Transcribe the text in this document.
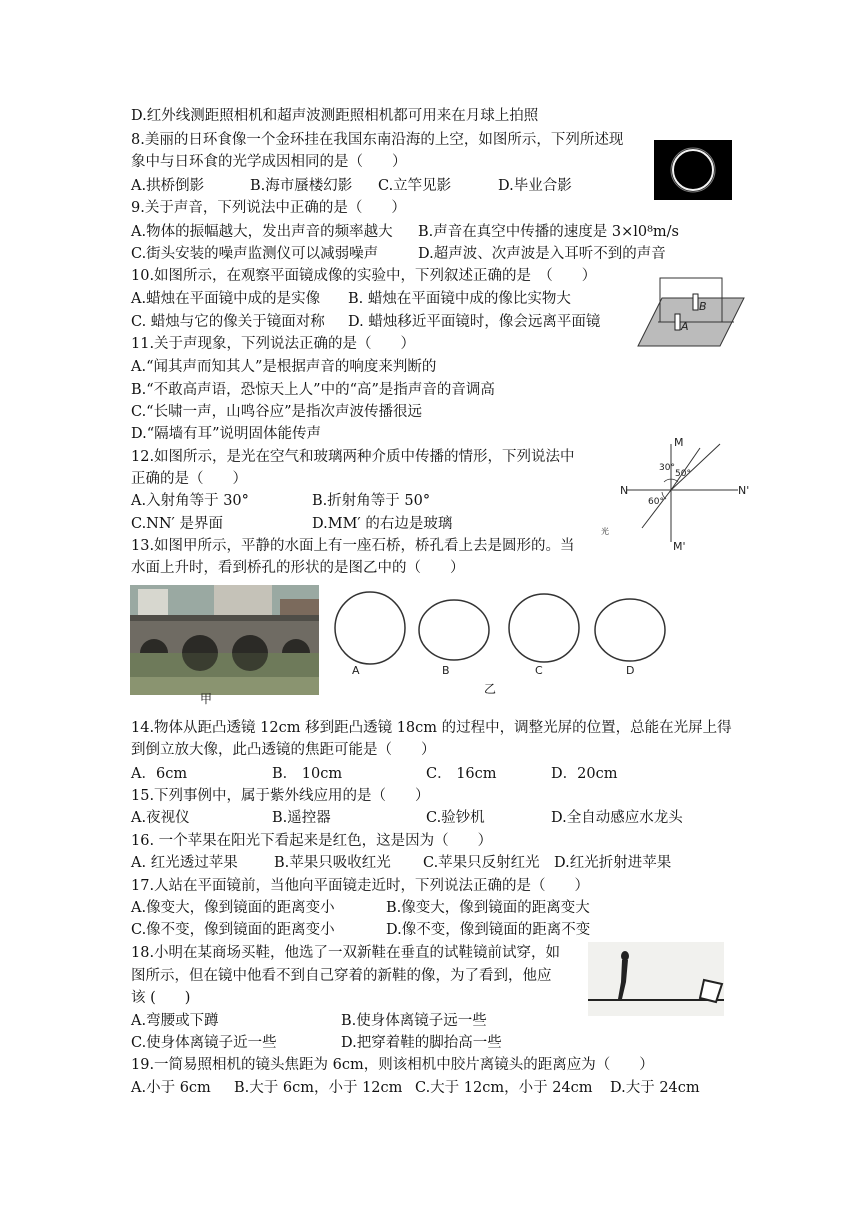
D.红外线测距照相机和超声波测距照相机都可用来在月球上拍照
8.美丽的日环食像一个金环挂在我国东南沿海的上空，如图所示，下列所述现
象中与日环食的光学成因相同的是（　　）
A.拱桥倒影	B.海市蜃楼幻影 C.立竿见影	D.毕业合影
9.关于声音，下列说法中正确的是（　　）
A.物体的振幅越大，发出声音的频率越大 B.声音在真空中传播的速度是 3×l0⁸m/s
C.街头安装的噪声监测仪可以减弱噪声	D.超声波、次声波是入耳听不到的声音
10.如图所示，在观察平面镜成像的实验中，下列叙述正确的是　（　　）
A.蜡烛在平面镜中成的是实像 B. 蜡烛在平面镜中成的像比实物大
C. 蜡烛与它的像关于镜面对称 D. 蜡烛移近平面镜时，像会远离平面镜
11.关于声现象，下列说法正确的是（　　）
A.“闻其声而知其人”是根据声音的响度来判断的
B.“不敢高声语，恐惊天上人”中的“高”是指声音的音调高
C.“长啸一声，山鸣谷应”是指次声波传播很远
D.“隔墙有耳”说明固体能传声
12.如图所示，是光在空气和玻璃两种介质中传播的情形，下列说法中
正确的是（　　）
A.入射角等于 30°	B.折射角等于 50°
C.NN′ 是界面	D.MM′ 的右边是玻璃
13.如图甲所示，平静的水面上有一座石桥，桥孔看上去是圆形的。当
水面上升时，看到桥孔的形状的是图乙中的（　　）
14.物体从距凸透镜 12cm 移到距凸透镜 18cm 的过程中，调整光屏的位置，总能在光屏上得
到倒立放大像，此凸透镜的焦距可能是（　　）
A．6cm	B． 10cm	C． 16cm	D．20cm
15.下列事例中，属于紫外线应用的是（　　）
A.夜视仪	B.遥控器	C.验钞机	D.全自动感应水龙头
16. 一个苹果在阳光下看起来是红色，这是因为（　　）
A. 红光透过苹果	B.苹果只吸收红光 C.苹果只反射红光 D.红光折射进苹果
17.人站在平面镜前，当他向平面镜走近时，下列说法正确的是（　　）
A.像变大，像到镜面的距离变小	B.像变大，像到镜面的距离变大
C.像不变，像到镜面的距离变小	D.像不变，像到镜面的距离不变
18.小明在某商场买鞋，他选了一双新鞋在垂直的试鞋镜前试穿，如
图所示，但在镜中他看不到自己穿着的新鞋的像，为了看到，他应
该 (　　)
A.弯腰或下蹲	B.使身体离镜子远一些
C.使身体离镜子近一些	D.把穿着鞋的脚抬高一些
19.一简易照相机的镜头焦距为 6cm，则该相机中胶片离镜头的距离应为（　　）
A.小于 6cm B.大于 6cm，小于 12cm C.大于 12cm，小于 24cm D.大于 24cm
B
A
M
N	N'
M'
30°
50°
60°
光
甲
A	B	C	D
乙
